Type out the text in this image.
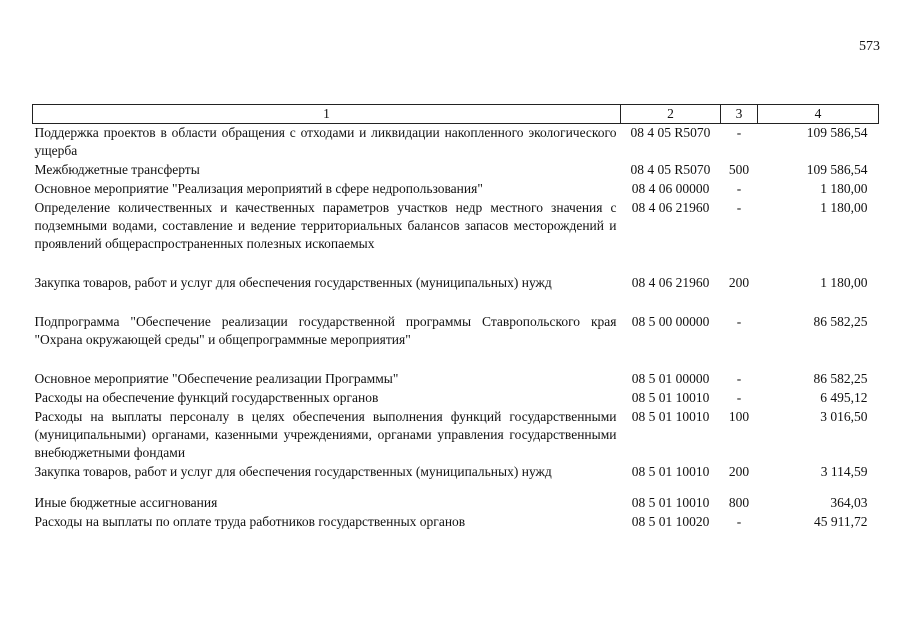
573
1	2	3	4
Поддержка проектов в области обращения с отходами и ликвидации накопленного экологического ущерба	08 4 05 R5070	-	109 586,54
Межбюджетные трансферты	08 4 05 R5070	500	109 586,54
Основное мероприятие "Реализация мероприятий в сфере недропользования"	08 4 06 00000	-	1 180,00
Определение количественных и качественных параметров участков недр местного значения с подземными водами, составление и ведение территориальных балансов запасов месторождений и проявлений общераспространенных полезных ископаемых	08 4 06 21960	-	1 180,00

Закупка товаров, работ и услуг для обеспечения государственных (муниципальных) нужд	08 4 06 21960	200	1 180,00

Подпрограмма "Обеспечение реализации государственной программы Ставропольского края "Охрана окружающей среды" и общепрограммные мероприятия"	08 5 00 00000	-	86 582,25

Основное мероприятие "Обеспечение реализации Программы"	08 5 01 00000	-	86 582,25
Расходы на обеспечение функций государственных органов	08 5 01 10010	-	6 495,12
Расходы на выплаты персоналу в целях обеспечения выполнения функций государственными (муниципальными) органами, казенными учреждениями, органами управления государственными внебюджетными фондами	08 5 01 10010	100	3 016,50
Закупка товаров, работ и услуг для обеспечения государственных (муниципальных) нужд	08 5 01 10010	200	3 114,59

Иные бюджетные ассигнования	08 5 01 10010	800	364,03
Расходы на выплаты по оплате труда работников государственных органов	08 5 01 10020	-	45 911,72
